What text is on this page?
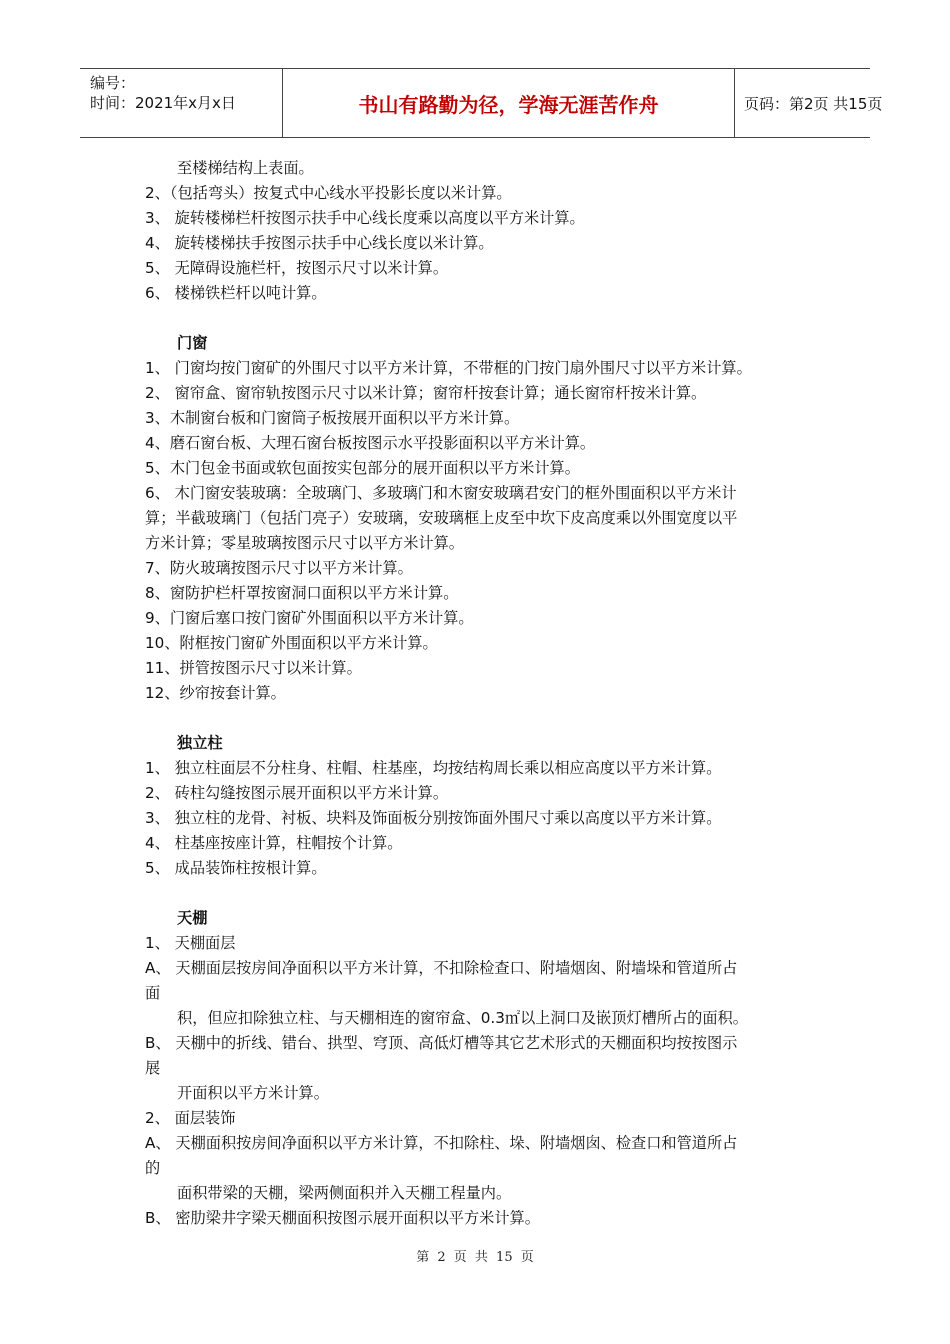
编号：
时间：2021年x月x日	书山有路勤为径，学海无涯苦作舟	页码：第2页 共15页
至楼梯结构上表面。
2、（包括弯头）按复式中心线水平投影长度以米计算。
3、 旋转楼梯栏杆按图示扶手中心线长度乘以高度以平方米计算。
4、 旋转楼梯扶手按图示扶手中心线长度以米计算。
5、 无障碍设施栏杆，按图示尺寸以米计算。
6、 楼梯铁栏杆以吨计算。
门窗
1、 门窗均按门窗矿的外围尺寸以平方米计算，不带框的门按门扇外围尺寸以平方米计算。
2、 窗帘盒、窗帘轨按图示尺寸以米计算；窗帘杆按套计算；通长窗帘杆按米计算。
3、木制窗台板和门窗筒子板按展开面积以平方米计算。
4、磨石窗台板、大理石窗台板按图示水平投影面积以平方米计算。
5、木门包金书面或软包面按实包部分的展开面积以平方米计算。
6、 木门窗安装玻璃：全玻璃门、多玻璃门和木窗安玻璃君安门的框外围面积以平方米计
算；半截玻璃门（包括门亮子）安玻璃，安玻璃框上皮至中坎下皮高度乘以外围宽度以平
方米计算；零星玻璃按图示尺寸以平方米计算。
7、防火玻璃按图示尺寸以平方米计算。
8、窗防护栏杆罩按窗洞口面积以平方米计算。
9、门窗后塞口按门窗矿外围面积以平方米计算。
10、附框按门窗矿外围面积以平方米计算。
11、拼管按图示尺寸以米计算。
12、纱帘按套计算。
独立柱
1、 独立柱面层不分柱身、柱帽、柱基座，均按结构周长乘以相应高度以平方米计算。
2、 砖柱勾缝按图示展开面积以平方米计算。
3、 独立柱的龙骨、衬板、块料及饰面板分别按饰面外围尺寸乘以高度以平方米计算。
4、 柱基座按座计算，柱帽按个计算。
5、 成品装饰柱按根计算。
天棚
1、 天棚面层
A、 天棚面层按房间净面积以平方米计算，不扣除检查口、附墙烟囱、附墙垛和管道所占
面
积，但应扣除独立柱、与天棚相连的窗帘盒、0.3㎡以上洞口及嵌顶灯槽所占的面积。
B、 天棚中的折线、错台、拱型、穹顶、高低灯槽等其它艺术形式的天棚面积均按按图示
展
开面积以平方米计算。
2、 面层装饰
A、 天棚面积按房间净面积以平方米计算，不扣除柱、垛、附墙烟囱、检查口和管道所占
的
面积带梁的天棚，梁两侧面积并入天棚工程量内。
B、 密肋梁井字梁天棚面积按图示展开面积以平方米计算。
第 2 页 共 15 页
